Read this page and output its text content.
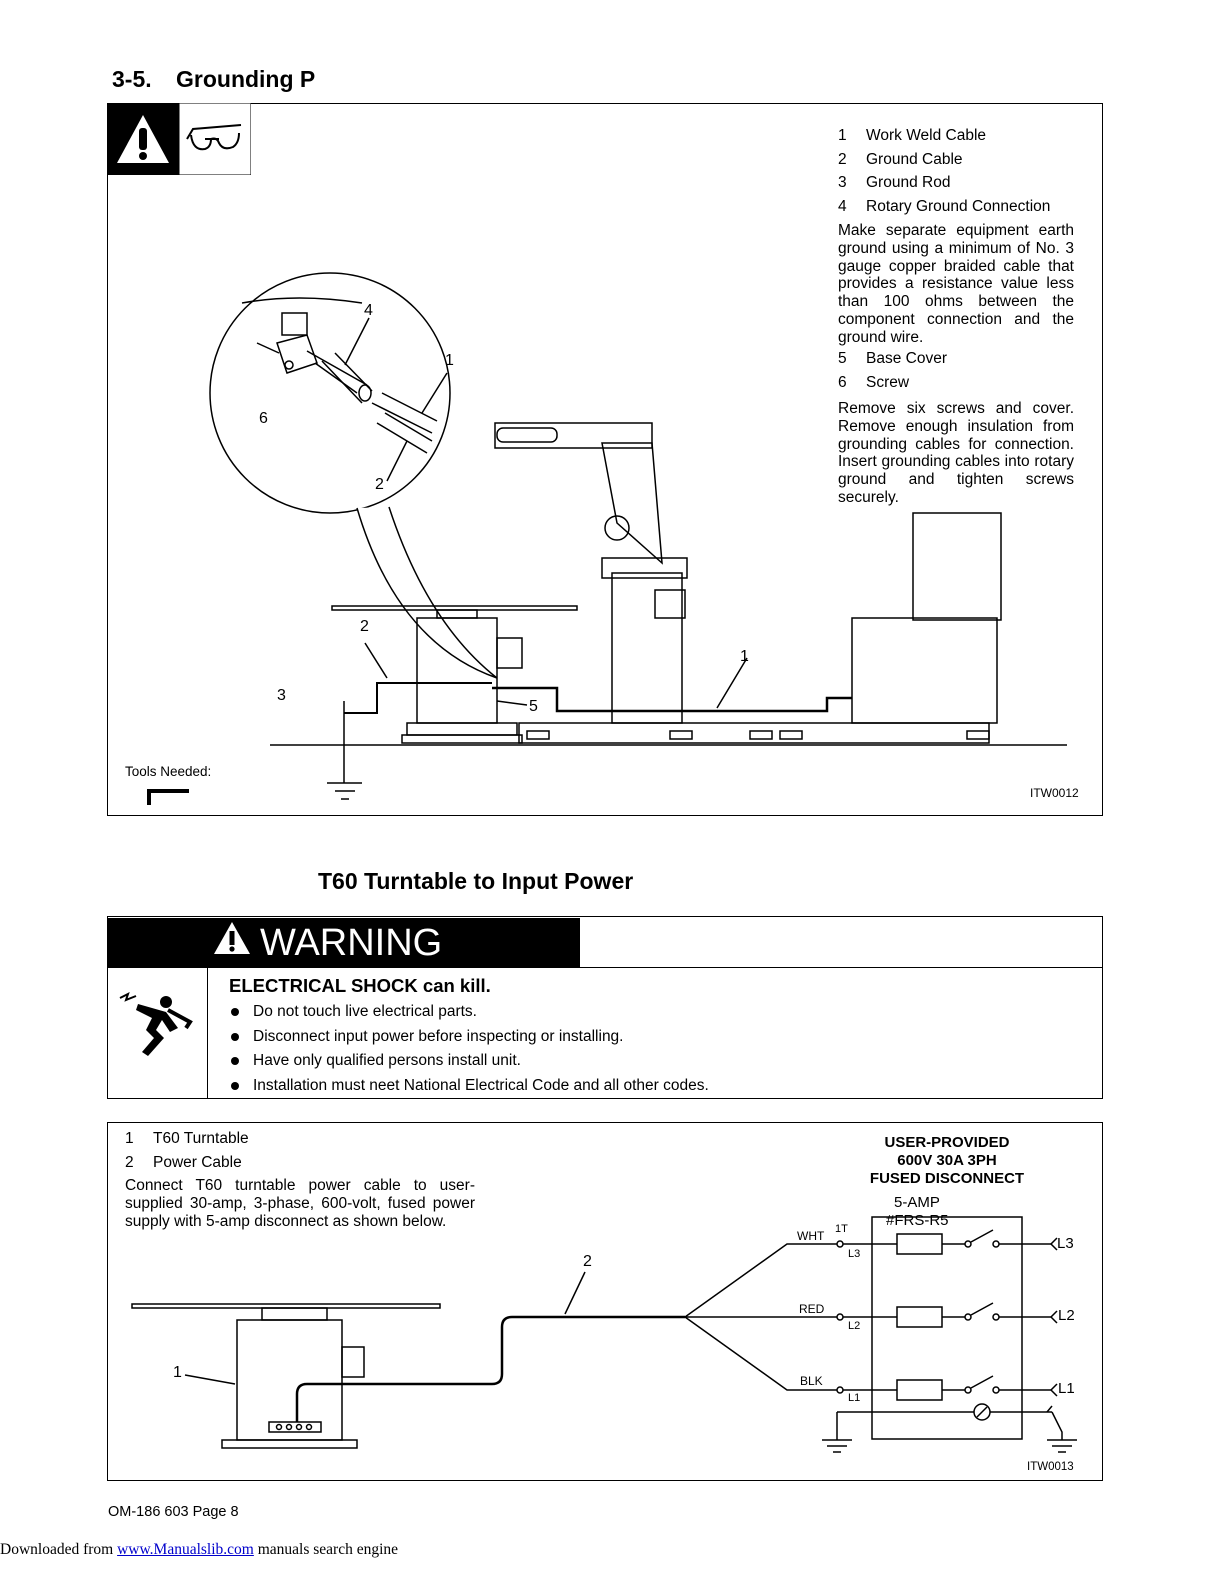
3-5. Grounding P
1	Work Weld Cable
2	Ground Cable
3	Ground Rod
4	Rotary Ground Connection
Make separate equipment earth ground using a minimum of No. 3 gauge copper braided cable that provides a resistance value less than 100 ohms between the component connection and the ground wire.
5	Base Cover
6	Screw
Remove six screws and cover. Remove enough insulation from grounding cables for connection. Insert grounding cables into rotary ground and tighten screws securely.
4
1
6
2
2
3
5
1
Tools Needed:
ITW0012
T60 Turntable to Input Power
WARNING
ELECTRICAL SHOCK can kill.
Do not touch live electrical parts.
Disconnect input power before inspecting or installing.
Have only qualified persons install unit.
Installation must neet National Electrical Code and all other codes.
1	T60 Turntable
2	Power Cable
Connect T60 turntable power cable to user-supplied 30-amp, 3-phase, 600-volt, fused power supply with 5-amp disconnect as shown below.
USER-PROVIDED
600V 30A 3PH
FUSED DISCONNECT
5-AMP
#FRS-R5
1
2
WHT
RED
BLK
1T
L3
L2
L1
L3
L2
L1
ITW0013
OM-186 603 Page 8
Downloaded from www.Manualslib.com manuals search engine
